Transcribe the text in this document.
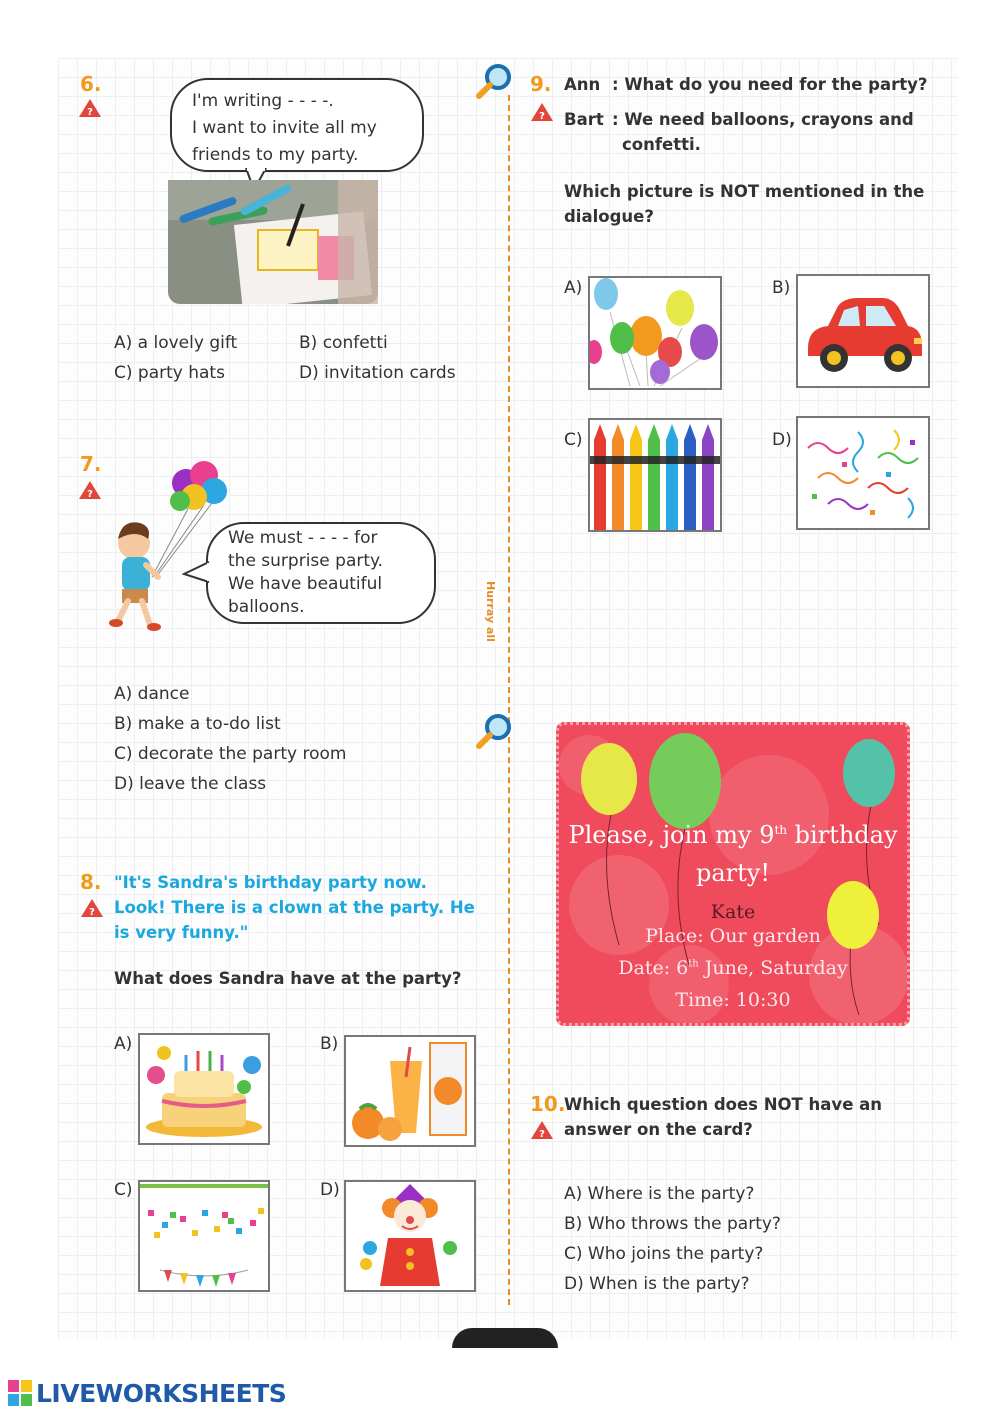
Hurray all
6.
?
I'm writing - - - -.
I want to invite all my
friends to my party.
A) a lovely gift	B) confetti
C) party hats	D) invitation cards
7.
?
We must - - - - for
the surprise party.
We have beautiful
balloons.
A) dance
B) make a to-do list
C) decorate the party room
D) leave the class
8.
?
"It's Sandra's birthday party now.
Look! There is a clown at the party. He
is very funny."
What does Sandra have at the party?
A)	B)
C)	D)
9.
?
Ann : What do you need for the party?
Bart : We need balloons, crayons and
confetti.
Which picture is NOT mentioned in the
dialogue?
A)	B)
C)	D)
Please, join my 9th birthday
party!
Kate
Place: Our garden
Date: 6th June, Saturday
Time: 10:30
10.
?
Which question does NOT have an
answer on the card?
A) Where is the party?
B) Who throws the party?
C) Who joins the party?
D) When is the party?
LIVEWORKSHEETS
